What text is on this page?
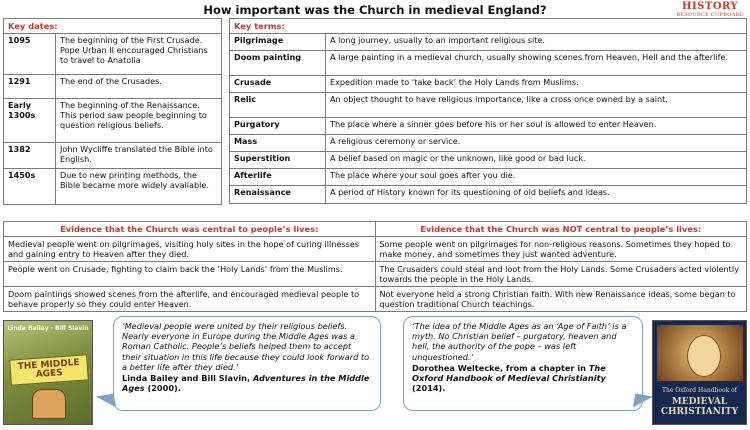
How important was the Church in medieval England?	HISTORY
RESOURCE CUPBOARD
Key dates:	
1095	The beginning of the First Crusade. Pope Urban II encouraged Christians to travel to Anatolia
1291	The end of the Crusades.
Early 1300s	The beginning of the Renaissance. This period saw people beginning to question religious beliefs.
1382	John Wycliffe translated the Bible into English.
1450s	Due to new printing methods, the Bible became more widely available.
Key terms:	
Pilgrimage	A long journey, usually to an important religious site.
Doom painting	A large painting in a medieval church, usually showing scenes from Heaven, Hell and the afterlife.
Crusade	Expedition made to ‘take back’ the Holy Lands from Muslims.
Relic	An object thought to have religious importance, like a cross once owned by a saint.
Purgatory	The place where a sinner goes before his or her soul is allowed to enter Heaven.
Mass	A religious ceremony or service.
Superstition	A belief based on magic or the unknown, like good or bad luck.
Afterlife	The place where your soul goes after you die.
Renaissance	A period of History known for its questioning of old beliefs and ideas.
Evidence that the Church was central to people’s lives:	Evidence that the Church was NOT central to people’s lives:
Medieval people went on pilgrimages, visiting holy sites in the hope of curing illnesses and gaining entry to Heaven after they died.	Some people went on pilgrimages for non-religious reasons. Sometimes they hoped to make money, and sometimes they just wanted adventure.
People went on Crusade, fighting to claim back the ‘Holy Lands’ from the Muslims.	The Crusaders could steal and loot from the Holy Lands. Some Crusaders acted violently towards the people in the Holy Lands.
Doom paintings showed scenes from the afterlife, and encouraged medieval people to behave properly so they could enter Heaven.	Not everyone held a strong Christian faith. With new Renaissance ideas, some began to question traditional Church teachings.
Linda Bailey · Bill Slavin
THE MIDDLE AGES
‘Medieval people were united by their religious beliefs. Nearly everyone in Europe during the Middle Ages was a Roman Catholic. People’s beliefs helped them to accept their situation in this life because they could look forward to a better life after they died.’
Linda Bailey and Bill Slavin, Adventures in the Middle Ages (2000).
‘The idea of the Middle Ages as an ‘Age of Faith’ is a myth. No Christian belief – purgatory, heaven and hell, the authority of the pope – was left unquestioned.’
Dorothea Weltecke, from a chapter in The Oxford Handbook of Medieval Christianity (2014).	The Oxford Handbook of
MEDIEVAL CHRISTIANITY
